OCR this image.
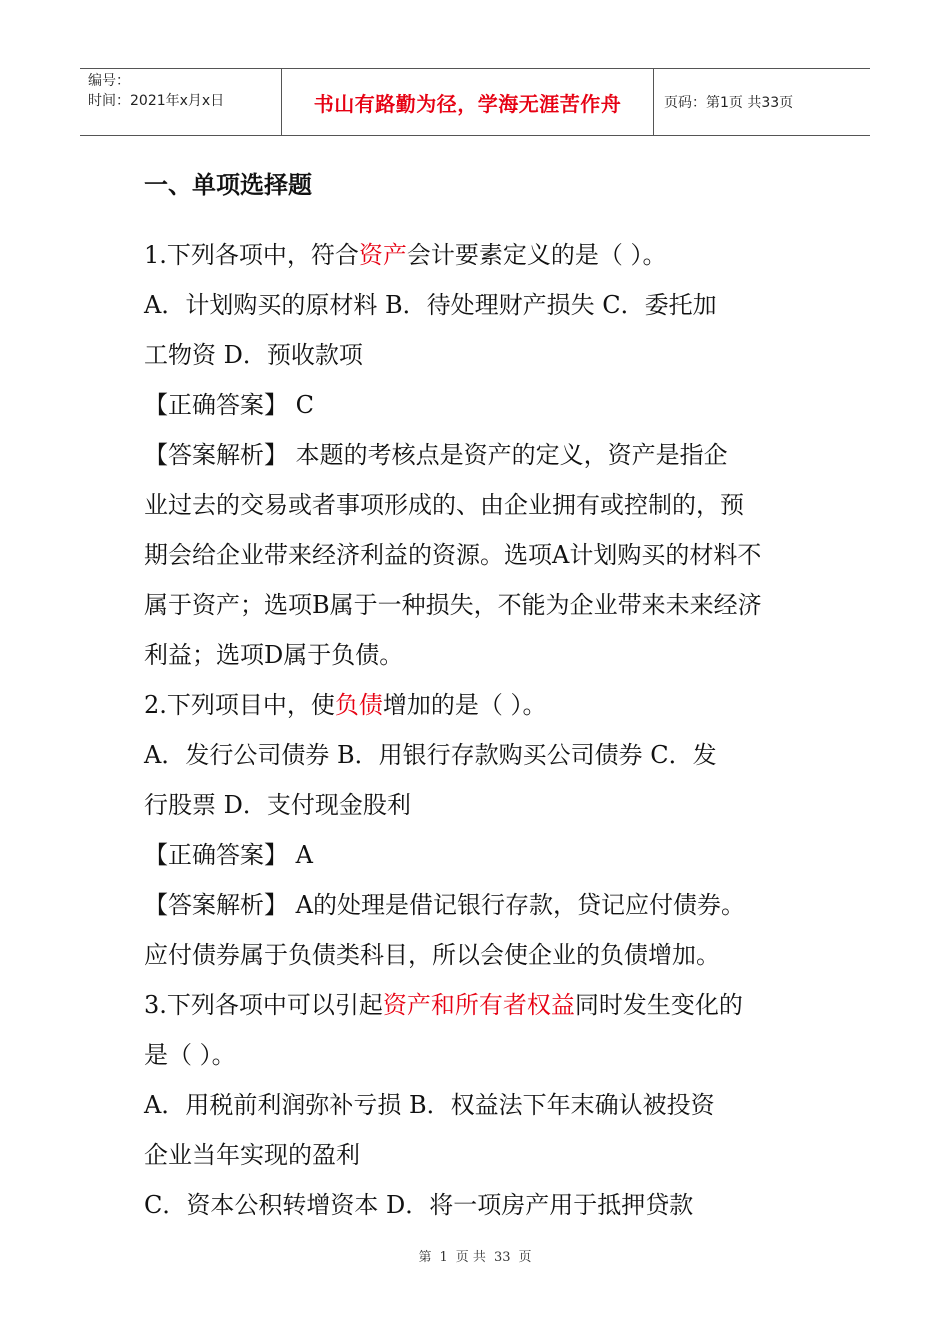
编号：
时间：2021年x月x日	书山有路勤为径，学海无涯苦作舟	页码：第1页 共33页
一、单项选择题
1.下列各项中，符合资产会计要素定义的是（ ）。
A．计划购买的原材料 B．待处理财产损失 C．委托加
工物资 D．预收款项
【正确答案】 C
【答案解析】 本题的考核点是资产的定义，资产是指企
业过去的交易或者事项形成的、由企业拥有或控制的，预
期会给企业带来经济利益的资源。选项A计划购买的材料不
属于资产；选项B属于一种损失，不能为企业带来未来经济
利益；选项D属于负债。
2.下列项目中，使负债增加的是（ ）。
A．发行公司债券 B．用银行存款购买公司债券 C．发
行股票 D．支付现金股利
【正确答案】 A
【答案解析】 A的处理是借记银行存款，贷记应付债券。
应付债券属于负债类科目，所以会使企业的负债增加。
3.下列各项中可以引起资产和所有者权益同时发生变化的
是（ ）。
A．用税前利润弥补亏损 B．权益法下年末确认被投资
企业当年实现的盈利
C．资本公积转增资本 D．将一项房产用于抵押贷款
第 1 页 共 33 页
